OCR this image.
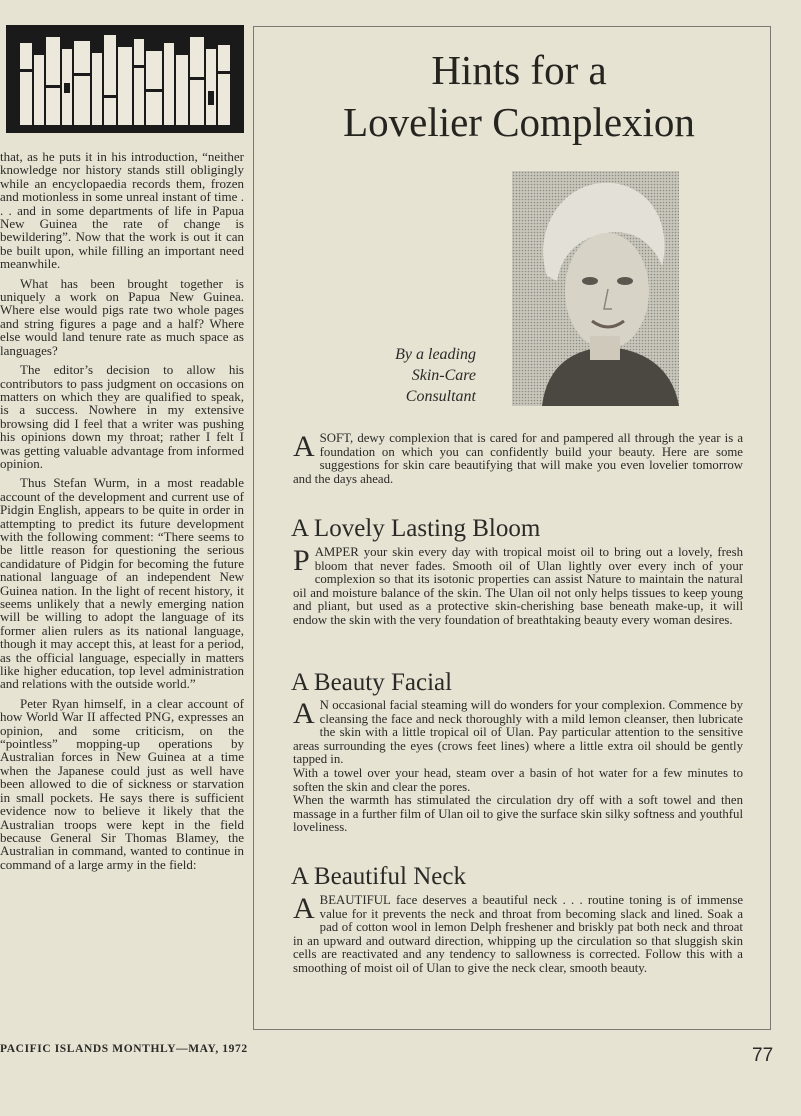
that, as he puts it in his introduction, “neither knowledge nor history stands still obligingly while an encyclopaedia records them, frozen and motionless in some unreal instant of time . . . and in some departments of life in Papua New Guinea the rate of change is bewildering”. Now that the work is out it can be built upon, while filling an important need meanwhile.

What has been brought together is uniquely a work on Papua New Guinea. Where else would pigs rate two whole pages and string figures a page and a half? Where else would land tenure rate as much space as languages?

The editor’s decision to allow his contributors to pass judgment on occasions on matters on which they are qualified to speak, is a success. Nowhere in my extensive browsing did I feel that a writer was pushing his opinions down my throat; rather I felt I was getting valuable advantage from informed opinion.

Thus Stefan Wurm, in a most readable account of the development and current use of Pidgin English, appears to be quite in order in attempting to predict its future development with the following comment: “There seems to be little reason for questioning the serious candidature of Pidgin for becoming the future national language of an independent New Guinea nation. In the light of recent history, it seems unlikely that a newly emerging nation will be willing to adopt the language of its former alien rulers as its national language, though it may accept this, at least for a period, as the official language, especially in matters like higher education, top level administration and relations with the outside world.”

Peter Ryan himself, in a clear account of how World War II affected PNG, expresses an opinion, and some criticism, on the “pointless” mopping-up operations by Australian forces in New Guinea at a time when the Japanese could just as well have been allowed to die of sickness or starvation in small pockets. He says there is sufficient evidence now to believe it likely that the Australian troops were kept in the field because General Sir Thomas Blamey, the Australian in command, wanted to continue in command of a large army in the field:

Hints for a
Lovelier Complexion
By a leading
Skin-Care
Consultant
ASOFT, dewy complexion that is cared for and pampered all through the year is a foundation on which you can confidently build your beauty. Here are some suggestions for skin care beautifying that will make you even lovelier tomorrow and the days ahead.
A Lovely Lasting Bloom
PAMPER your skin every day with tropical moist oil to bring out a lovely, fresh bloom that never fades. Smooth oil of Ulan lightly over every inch of your complexion so that its isotonic properties can assist Nature to maintain the natural oil and moisture balance of the skin. The Ulan oil not only helps tissues to keep young and pliant, but used as a protective skin-cherishing base beneath make-up, it will endow the skin with the very foundation of breathtaking beauty every woman desires.
A Beauty Facial
A N occasional facial steaming will do wonders for your complexion. Commence by cleansing the face and neck thoroughly with a mild lemon cleanser, then lubricate the skin with a little tropical oil of Ulan. Pay particular attention to the sensitive areas surrounding the eyes (crows feet lines) where a little extra oil should be gently tapped in.
With a towel over your head, steam over a basin of hot water for a few minutes to soften the skin and clear the pores.
When the warmth has stimulated the circulation dry off with a soft towel and then massage in a further film of Ulan oil to give the surface skin silky softness and youthful loveliness.
A Beautiful Neck
ABEAUTIFUL face deserves a beautiful neck . . . routine toning is of immense value for it prevents the neck and throat from becoming slack and lined. Soak a pad of cotton wool in lemon Delph freshener and briskly pat both neck and throat in an upward and outward direction, whipping up the circulation so that sluggish skin cells are reactivated and any tendency to sallowness is corrected. Follow this with a smoothing of moist oil of Ulan to give the neck clear, smooth beauty.
PACIFIC ISLANDS MONTHLY—MAY, 1972	77
